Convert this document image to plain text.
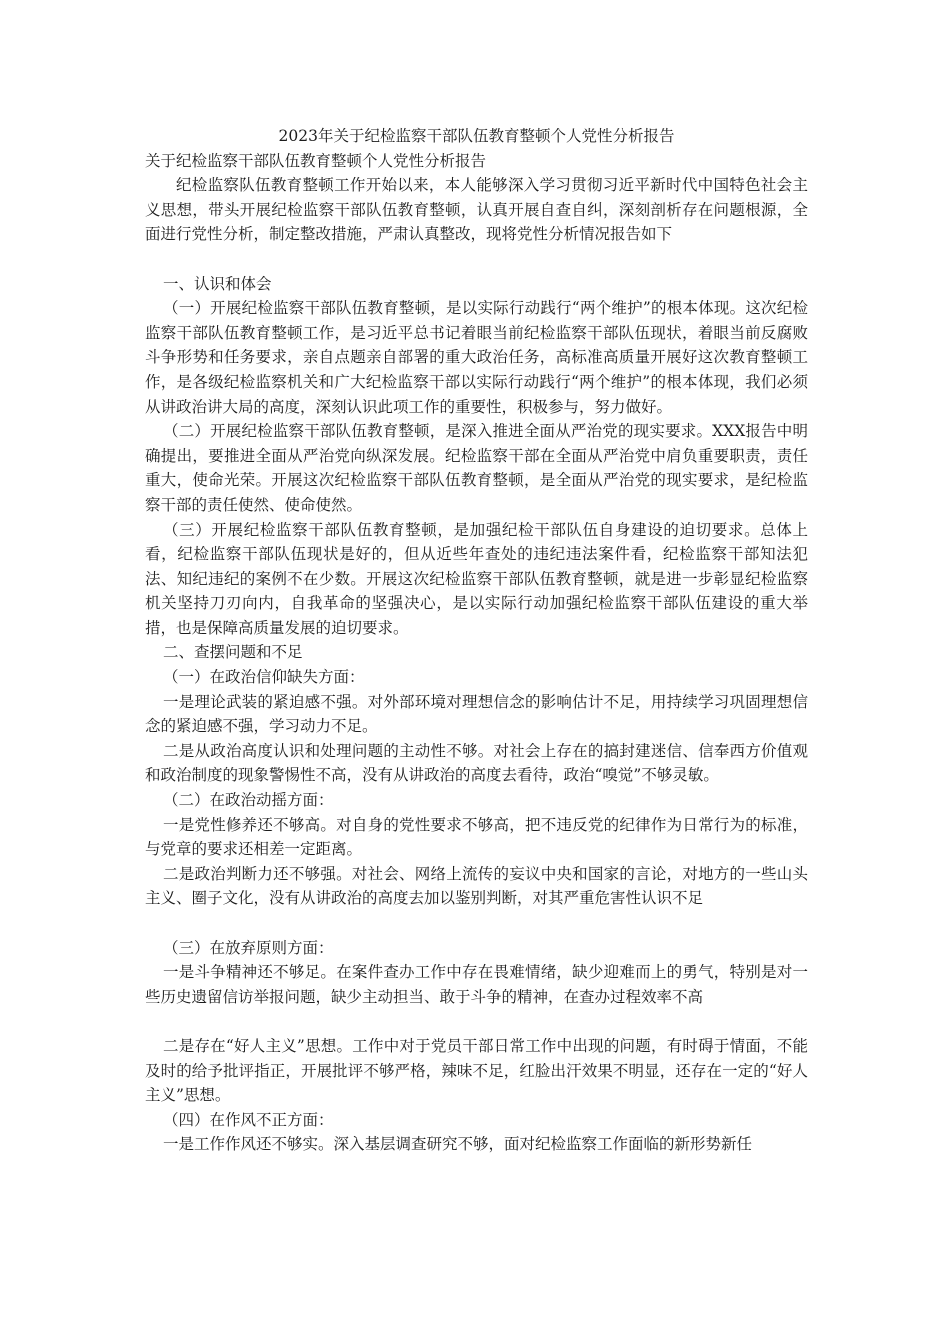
2023年关于纪检监察干部队伍教育整顿个人党性分析报告

关于纪检监察干部队伍教育整顿个人党性分析报告

纪检监察队伍教育整顿工作开始以来，本人能够深入学习贯彻习近平新时代中国特色社会主义思想，带头开展纪检监察干部队伍教育整顿，认真开展自查自纠，深刻剖析存在问题根源，全面进行党性分析，制定整改措施，严肃认真整改，现将党性分析情况报告如下

一、认识和体会

（一）开展纪检监察干部队伍教育整顿，是以实际行动践行“两个维护”的根本体现。这次纪检监察干部队伍教育整顿工作，是习近平总书记着眼当前纪检监察干部队伍现状，着眼当前反腐败斗争形势和任务要求，亲自点题亲自部署的重大政治任务，高标准高质量开展好这次教育整顿工作，是各级纪检监察机关和广大纪检监察干部以实际行动践行“两个维护”的根本体现，我们必须从讲政治讲大局的高度，深刻认识此项工作的重要性，积极参与，努力做好。

（二）开展纪检监察干部队伍教育整顿，是深入推进全面从严治党的现实要求。XXX报告中明确提出，要推进全面从严治党向纵深发展。纪检监察干部在全面从严治党中肩负重要职责，责任重大，使命光荣。开展这次纪检监察干部队伍教育整顿，是全面从严治党的现实要求，是纪检监察干部的责任使然、使命使然。

（三）开展纪检监察干部队伍教育整顿，是加强纪检干部队伍自身建设的迫切要求。总体上看，纪检监察干部队伍现状是好的，但从近些年查处的违纪违法案件看，纪检监察干部知法犯法、知纪违纪的案例不在少数。开展这次纪检监察干部队伍教育整顿，就是进一步彰显纪检监察机关坚持刀刃向内，自我革命的坚强决心，是以实际行动加强纪检监察干部队伍建设的重大举措，也是保障高质量发展的迫切要求。

二、查摆问题和不足

（一）在政治信仰缺失方面：

一是理论武装的紧迫感不强。对外部环境对理想信念的影响估计不足，用持续学习巩固理想信念的紧迫感不强，学习动力不足。

二是从政治高度认识和处理问题的主动性不够。对社会上存在的搞封建迷信、信奉西方价值观和政治制度的现象警惕性不高，没有从讲政治的高度去看待，政治“嗅觉”不够灵敏。

（二）在政治动摇方面：

一是党性修养还不够高。对自身的党性要求不够高，把不违反党的纪律作为日常行为的标准，与党章的要求还相差一定距离。

二是政治判断力还不够强。对社会、网络上流传的妄议中央和国家的言论，对地方的一些山头主义、圈子文化，没有从讲政治的高度去加以鉴别判断，对其严重危害性认识不足

（三）在放弃原则方面：

一是斗争精神还不够足。在案件查办工作中存在畏难情绪，缺少迎难而上的勇气，特别是对一些历史遗留信访举报问题，缺少主动担当、敢于斗争的精神，在查办过程效率不高

二是存在“好人主义”思想。工作中对于党员干部日常工作中出现的问题，有时碍于情面，不能及时的给予批评指正，开展批评不够严格，辣味不足，红脸出汗效果不明显，还存在一定的“好人主义”思想。

（四）在作风不正方面：

一是工作作风还不够实。深入基层调查研究不够，面对纪检监察工作面临的新形势新任
